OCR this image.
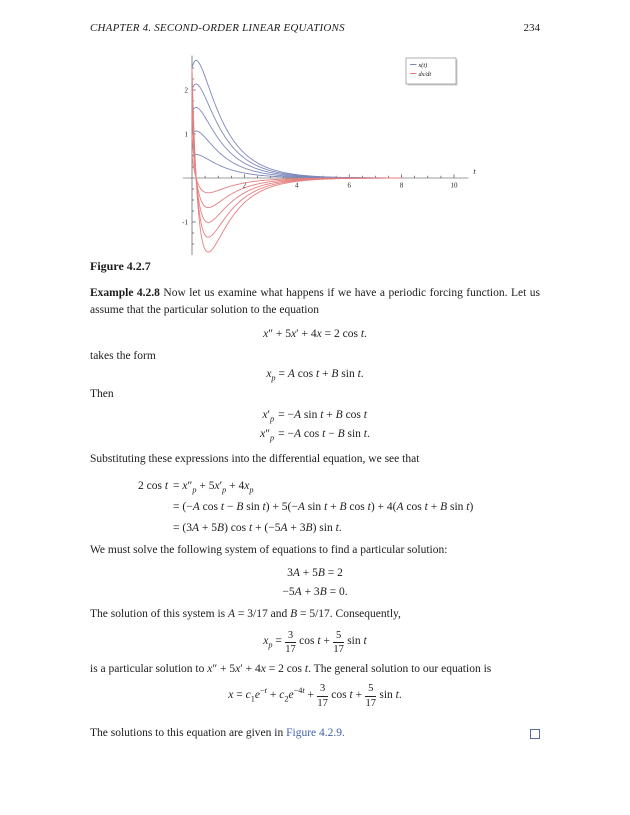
CHAPTER 4. SECOND-ORDER LINEAR EQUATIONS	234
2	4	6	8	10
-1
1
2
t
x(t)
dx/dt
Figure 4.2.7
Example 4.2.8 Now let us examine what happens if we have a periodic forcing function. Let us assume that the particular solution to the equation
x″ + 5x′ + 4x = 2 cos t.
takes the form
$x_p = A$ cos t + B sin t.
Then
$x'_p = -A$ sin t + B cos t
$x''_p = -A$ cos t − B sin t.
Substituting these expressions into the differential equation, we see that
2 $\cos t = x''_p + 5x'_p + 4x_p$
= (−A cos t − B sin t) + 5(−A sin t + B cos t) + 4(A cos t + B sin t)
= (3A + 5B) cos t + (−5A + 3B) sin t.
We must solve the following system of equations to find a particular solution:
3A + 5B = 2
−5A + 3B = 0.
The solution of this system is A = 3/17 and B = 5/17. Consequently,
$x_p = \frac{3}{17}$ $\cos t + \frac{5}{17}$ sin t
is a particular solution to x″ + 5x′ + 4x = 2 cos t. The general solution to our equation is
$x = c_1e^{-t} + c_2e^{-4t} + \frac{3}{17}$ $\cos t + \frac{5}{17}$ sin t.
The solutions to this equation are given in Figure 4.2.9.
